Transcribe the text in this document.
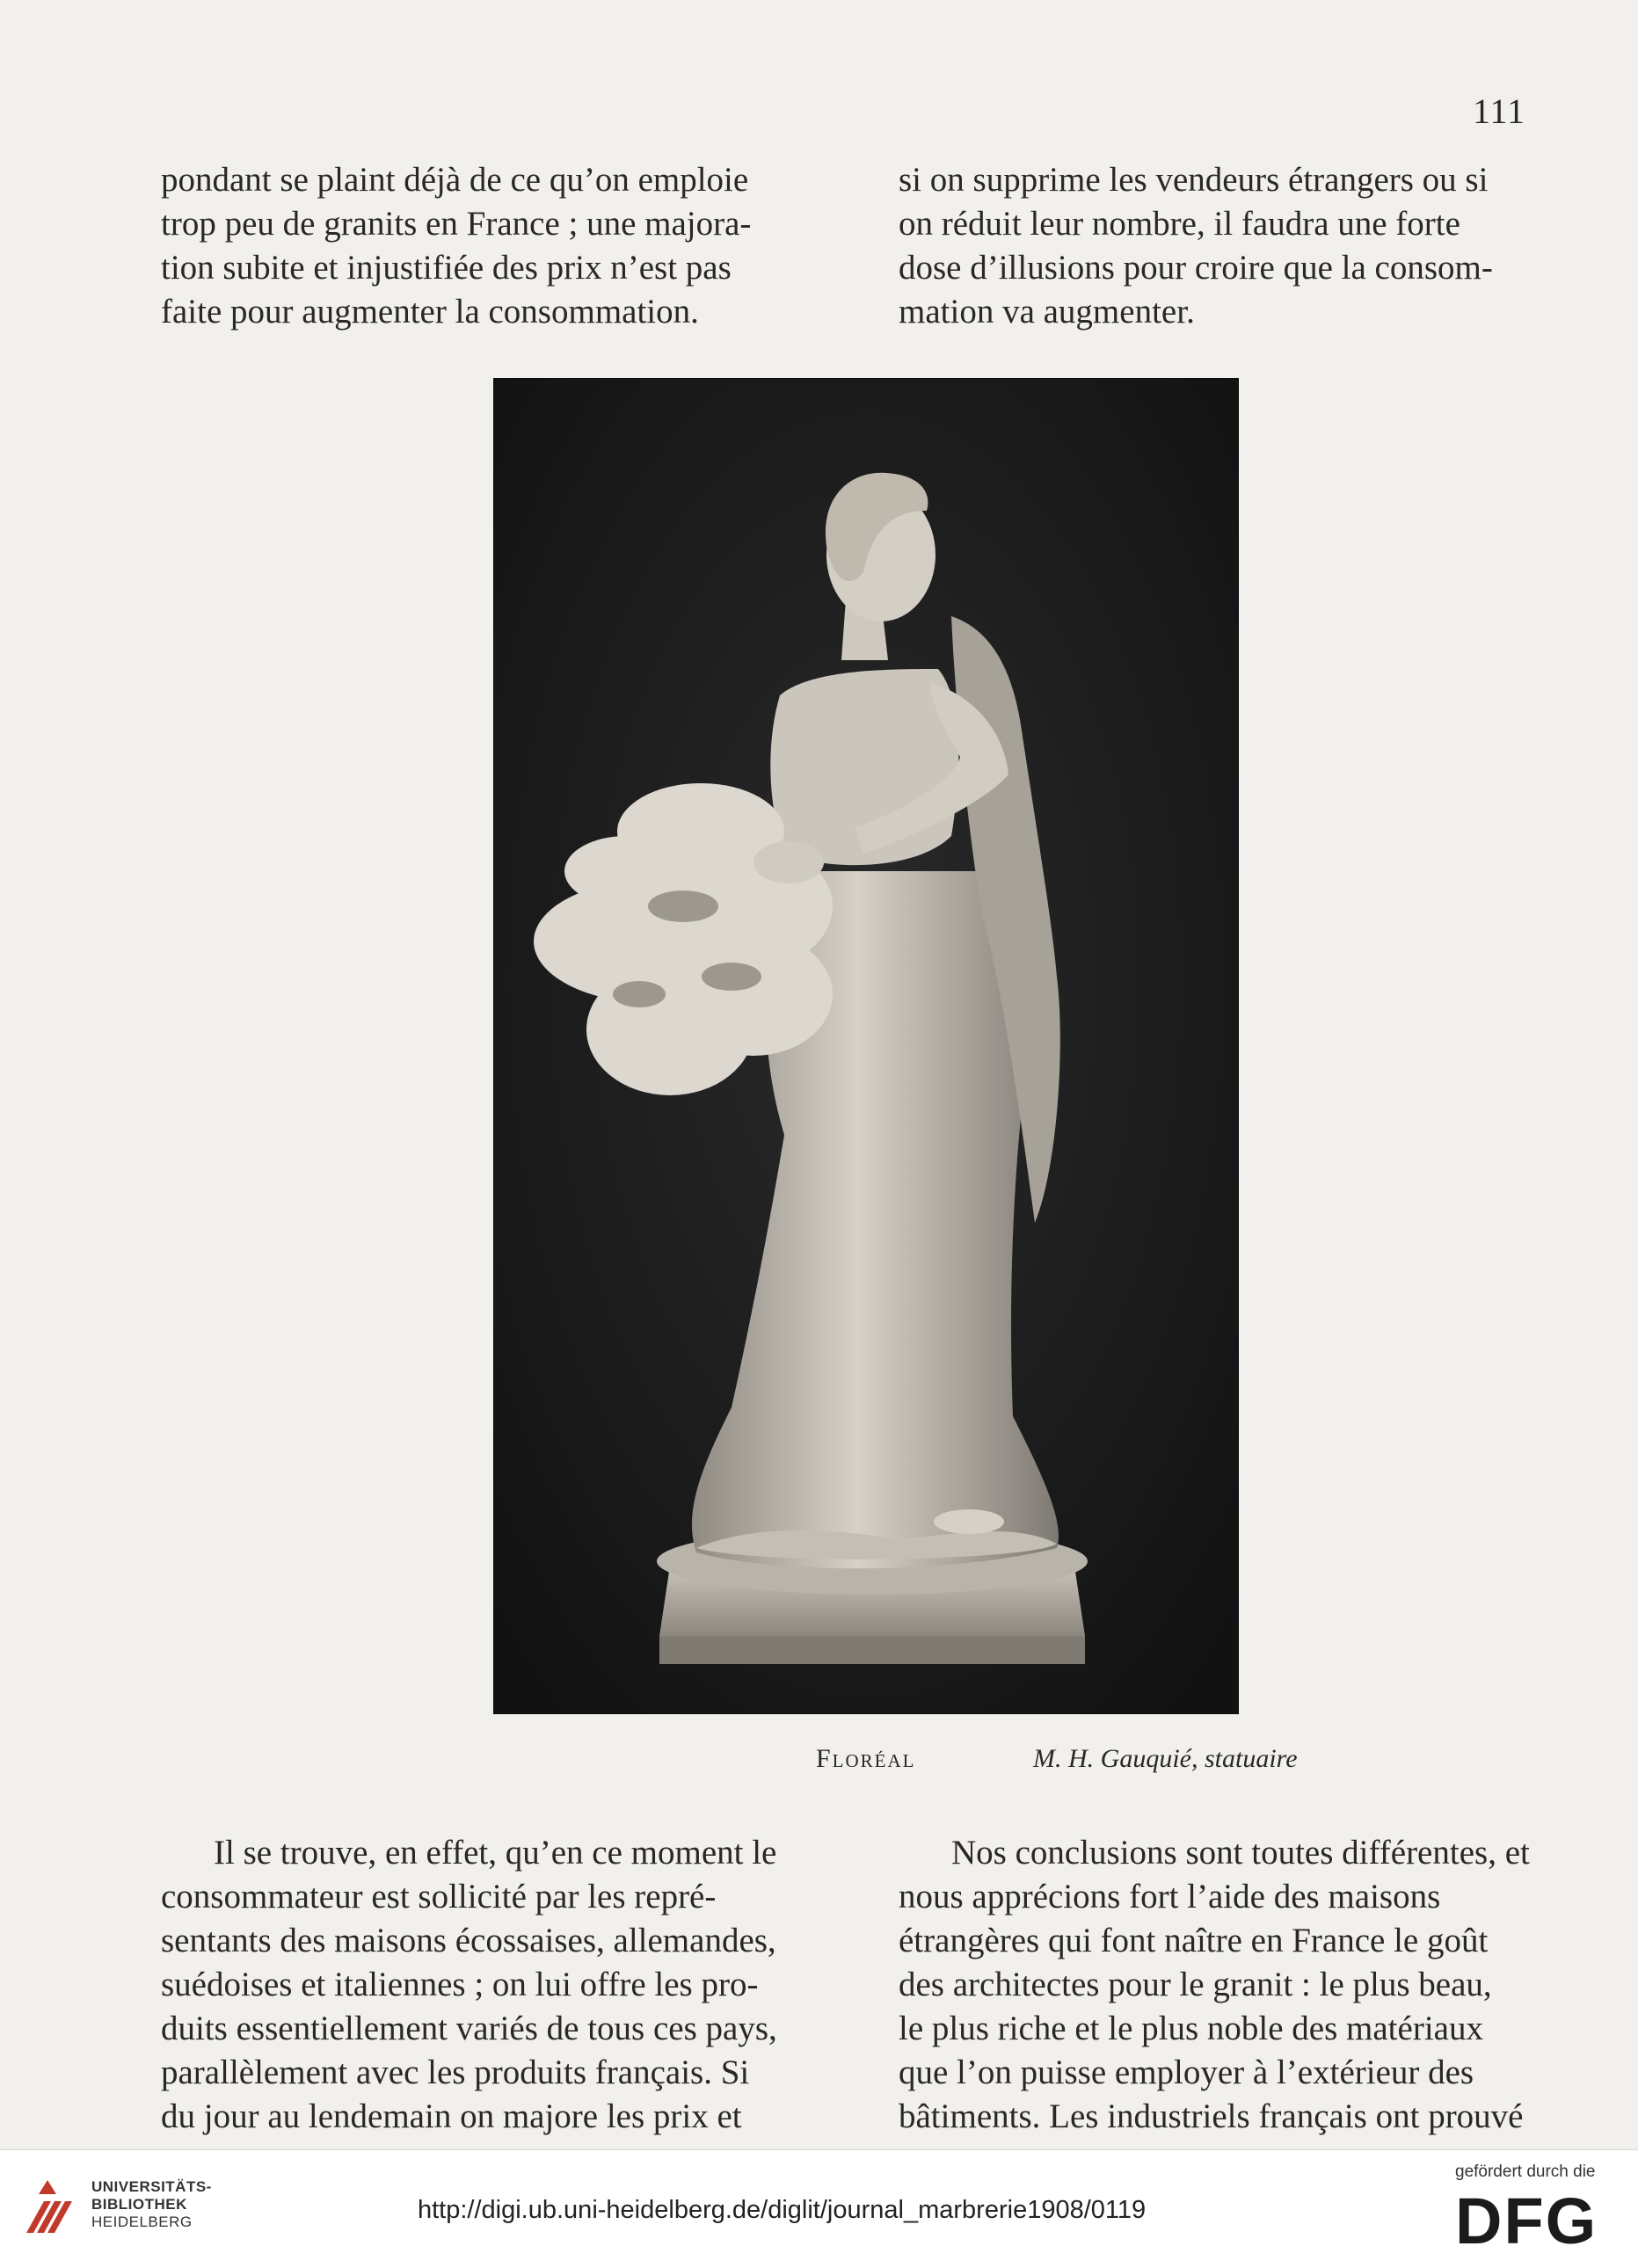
111

pondant se plaint déjà de ce qu’on emploie

trop peu de granits en France ; une majora-

tion subite et injustifiée des prix n’est pas

faite pour augmenter la consommation.

si on supprime les vendeurs étrangers ou si

on réduit leur nombre, il faudra une forte

dose d’illusions pour croire que la consom-

mation va augmenter.

Floréal	M. H. Gauquié, statuaire

Il se trouve, en effet, qu’en ce moment le

consommateur est sollicité par les repré-

sentants des maisons écossaises, allemandes,

suédoises et italiennes ; on lui offre les pro-

duits essentiellement variés de tous ces pays,

parallèlement avec les produits français. Si

du jour au lendemain on majore les prix et

Nos conclusions sont toutes différentes, et

nous apprécions fort l’aide des maisons

étrangères qui font naître en France le goût

des architectes pour le granit : le plus beau,

le plus riche et le plus noble des matériaux

que l’on puisse employer à l’extérieur des

bâtiments. Les industriels français ont prouvé

UNIVERSITÄTS-
BIBLIOTHEK
HEIDELBERG	http://digi.ub.uni-heidelberg.de/diglit/journal_marbrerie1908/0119
gefördert durch die
DFG
